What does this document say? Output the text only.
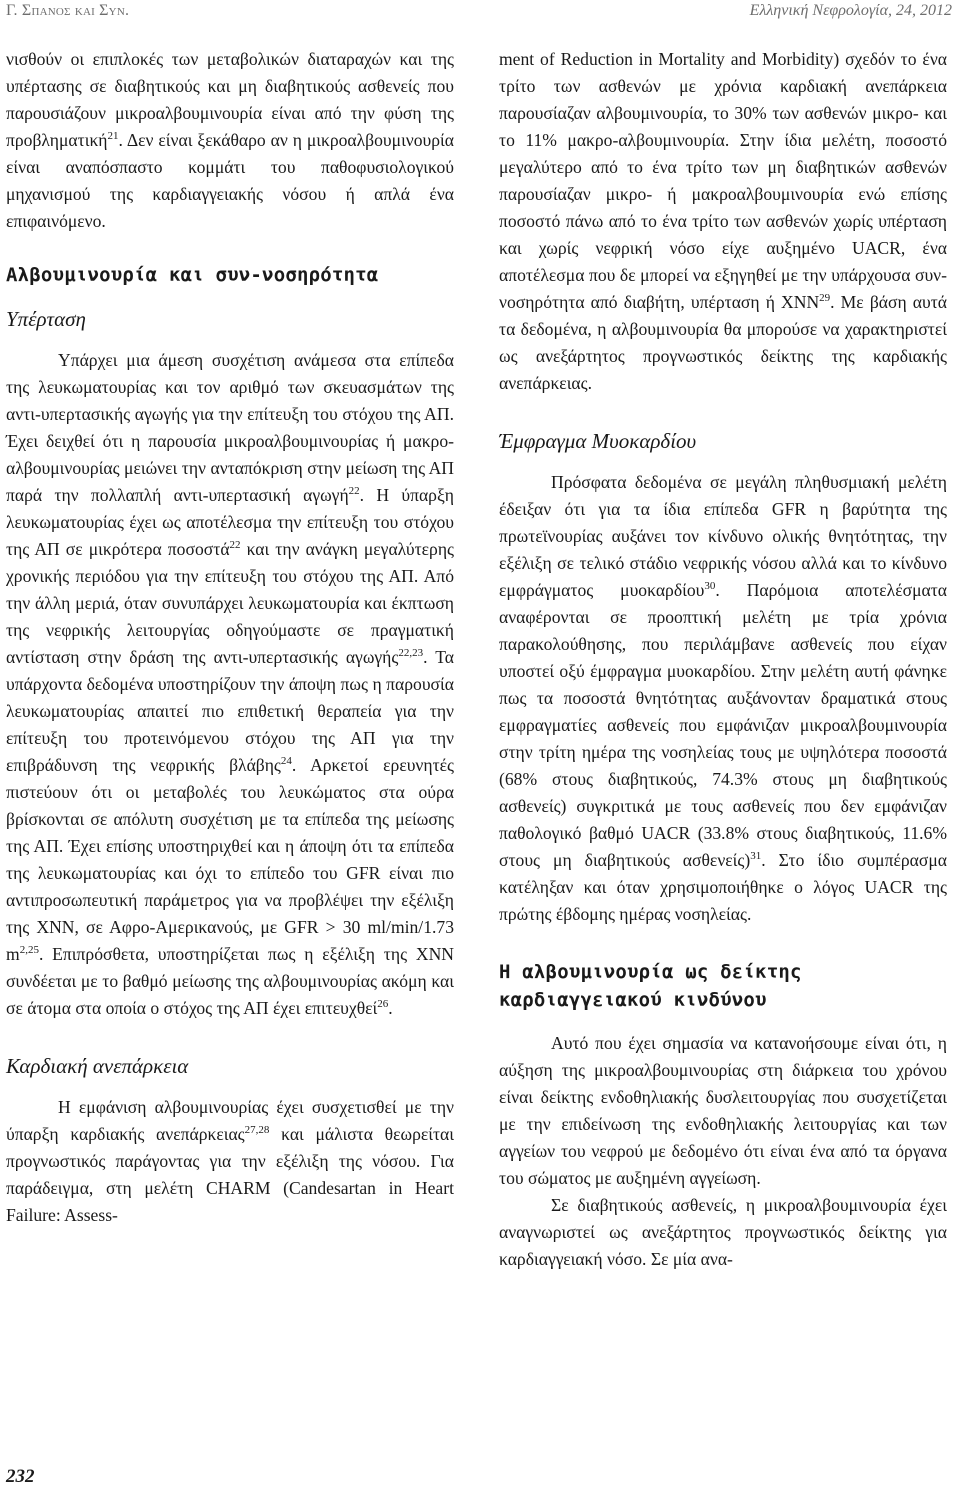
Γ. Σπανος και Συν.	Ελληνική Νεφρολογία, 24, 2012

νισθούν οι επιπλοκές των μεταβολικών διαταραχών και της υπέρτασης σε διαβητικούς και μη διαβητικούς ασθενείς που παρουσιάζουν μικροαλβουμινουρία είναι από την φύση της προβληματική$^{21}$. Δεν είναι ξεκάθαρο αν η μικροαλβουμινουρία είναι αναπόσπαστο κομμάτι του παθοφυσιολογικού μηχανισμού της καρδιαγγειακής νόσου ή απλά ένα επιφαινόμενο.

Αλβουμινουρία και συν-νοσηρότητα
Υπέρταση

Υπάρχει μια άμεση συσχέτιση ανάμεσα στα επίπεδα της λευκωματουρίας και τον αριθμό των σκευασμάτων της αντι-υπερτασικής αγωγής για την επίτευξη του στόχου της ΑΠ. Έχει δειχθεί ότι η παρουσία μικροαλβουμινουρίας ή μακρο-αλβουμινουρίας μειώνει την ανταπόκριση στην μείωση της ΑΠ παρά την πολλαπλή αντι-υπερτασική αγωγή$^{22}$. Η ύπαρξη λευκωματουρίας έχει ως αποτέλεσμα την επίτευξη του στόχου της ΑΠ σε μικρότερα ποσοστά$^{22}$ και την ανάγκη μεγαλύτερης χρονικής περιόδου για την επίτευξη του στόχου της ΑΠ. Από την άλλη μεριά, όταν συνυπάρχει λευκωματουρία και έκπτωση της νεφρικής λειτουργίας οδηγούμαστε σε πραγματική αντίσταση στην δράση της αντι-υπερτασικής αγωγής$^{22,23}$. Τα υπάρχοντα δεδομένα υποστηρίζουν την άποψη πως η παρουσία λευκωματουρίας απαιτεί πιο επιθετική θεραπεία για την επίτευξη του προτεινόμενου στόχου της ΑΠ για την επιβράδυνση της νεφρικής βλάβης$^{24}$. Αρκετοί ερευνητές πιστεύουν ότι οι μεταβολές του λευκώματος στα ούρα βρίσκονται σε απόλυτη συσχέτιση με τα επίπεδα της μείωσης της ΑΠ. Έχει επίσης υποστηριχθεί και η άποψη ότι τα επίπεδα της λευκωματουρίας και όχι το επίπεδο του GFR είναι πιο αντιπροσωπευτική παράμετρος για να προβλέψει την εξέλιξη της ΧΝΝ, σε Αφρο-Αμερικανούς, με GFR > 30 ml/min/1.73 $m^{2,25}$. Επιπρόσθετα, υποστηρίζεται πως η εξέλιξη της ΧΝΝ συνδέεται με το βαθμό μείωσης της αλβουμινουρίας ακόμη και σε άτομα στα οποία ο στόχος της ΑΠ έχει επιτευχθεί$^{26}$.

Καρδιακή ανεπάρκεια

Η εμφάνιση αλβουμινουρίας έχει συσχετισθεί με την ύπαρξη καρδιακής ανεπάρκειας$^{27,28}$ και μάλιστα θεωρείται προγνωστικός παράγοντας για την εξέλιξη της νόσου. Για παράδειγμα, στη μελέτη CHARM (Candesartan in Heart Failure: Assess-

ment of Reduction in Mortality and Morbidity) σχεδόν το ένα τρίτο των ασθενών με χρόνια καρδιακή ανεπάρκεια παρουσίαζαν αλβουμινουρία, το 30% των ασθενών μικρο- και το 11% μακρο-αλβουμινουρία. Στην ίδια μελέτη, ποσοστό μεγαλύτερο από το ένα τρίτο των μη διαβητικών ασθενών παρουσίαζαν μικρο- ή μακροαλβουμινουρία ενώ επίσης ποσοστό πάνω από το ένα τρίτο των ασθενών χωρίς υπέρταση και χωρίς νεφρική νόσο είχε αυξημένο UACR, ένα αποτέλεσμα που δε μπορεί να εξηγηθεί με την υπάρχουσα συν-νοσηρότητα από διαβήτη, υπέρταση ή ΧΝΝ$^{29}$. Με βάση αυτά τα δεδομένα, η αλβουμινουρία θα μπορούσε να χαρακτηριστεί ως ανεξάρτητος προγνωστικός δείκτης της καρδιακής ανεπάρκειας.

Έμφραγμα Μυοκαρδίου

Πρόσφατα δεδομένα σε μεγάλη πληθυσμιακή μελέτη έδειξαν ότι για τα ίδια επίπεδα GFR η βαρύτητα της πρωτεϊνουρίας αυξάνει τον κίνδυνο ολικής θνητότητας, την εξέλιξη σε τελικό στάδιο νεφρικής νόσου αλλά και το κίνδυνο εμφράγματος μυοκαρδίου$^{30}$. Παρόμοια αποτελέσματα αναφέρονται σε προοπτική μελέτη με τρία χρόνια παρακολούθησης, που περιλάμβανε ασθενείς που είχαν υποστεί οξύ έμφραγμα μυοκαρδίου. Στην μελέτη αυτή φάνηκε πως τα ποσοστά θνητότητας αυξάνονταν δραματικά στους εμφραγματίες ασθενείς που εμφάνιζαν μικροαλβουμινουρία στην τρίτη ημέρα της νοσηλείας τους με υψηλότερα ποσοστά (68% στους διαβητικούς, 74.3% στους μη διαβητικούς ασθενείς) συγκριτικά με τους ασθενείς που δεν εμφάνιζαν παθολογικό βαθμό UACR (33.8% στους διαβητικούς, 11.6% στους μη διαβητικούς ασθενείς)$^{31}$. Στο ίδιο συμπέρασμα κατέληξαν και όταν χρησιμοποιήθηκε ο λόγος UACR της πρώτης έβδομης ημέρας νοσηλείας.

Η αλβουμινουρία ως δείκτης καρδιαγγειακού κινδύνου

Αυτό που έχει σημασία να κατανοήσουμε είναι ότι, η αύξηση της μικροαλβουμινουρίας στη διάρκεια του χρόνου είναι δείκτης ενδοθηλιακής δυσλειτουργίας που συσχετίζεται με την επιδείνωση της ενδοθηλιακής λειτουργίας και των αγγείων του νεφρού με δεδομένο ότι είναι ένα από τα όργανα του σώματος με αυξημένη αγγείωση.

Σε διαβητικούς ασθενείς, η μικροαλβουμινουρία έχει αναγνωριστεί ως ανεξάρτητος προγνωστικός δείκτης για καρδιαγγειακή νόσο. Σε μία ανα-

232
